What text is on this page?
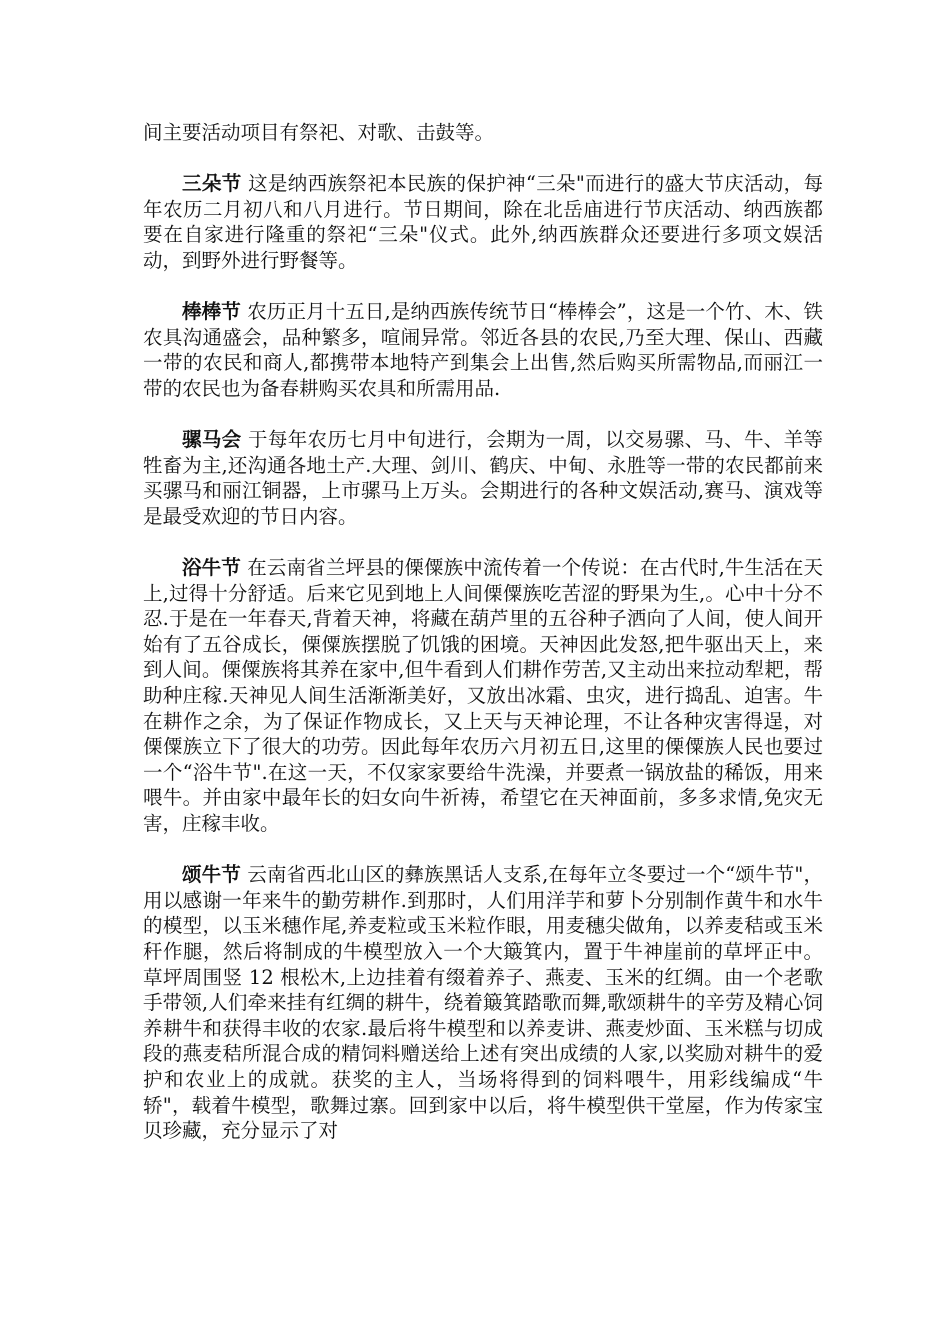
间主要活动项目有祭祀、对歌、击鼓等。

三朵节 这是纳西族祭祀本民族的保护神“三朵"而进行的盛大节庆活动，每年农历二月初八和八月进行。节日期间，除在北岳庙进行节庆活动、纳西族都要在自家进行隆重的祭祀“三朵"仪式。此外,纳西族群众还要进行多项文娱活动，到野外进行野餐等。

棒棒节 农历正月十五日,是纳西族传统节日“棒棒会”，这是一个竹、木、铁农具沟通盛会，品种繁多，喧闹异常。邻近各县的农民,乃至大理、保山、西藏一带的农民和商人,都携带本地特产到集会上出售,然后购买所需物品,而丽江一带的农民也为备春耕购买农具和所需用品.

骡马会 于每年农历七月中旬进行，会期为一周，以交易骡、马、牛、羊等牲畜为主,还沟通各地土产.大理、剑川、鹤庆、中甸、永胜等一带的农民都前来买骡马和丽江铜器，上市骡马上万头。会期进行的各种文娱活动,赛马、演戏等是最受欢迎的节日内容。

浴牛节 在云南省兰坪县的傈僳族中流传着一个传说：在古代时,牛生活在天上,过得十分舒适。后来它见到地上人间傈僳族吃苦涩的野果为生,。心中十分不忍.于是在一年春天,背着天神，将藏在葫芦里的五谷种子洒向了人间，使人间开始有了五谷成长，傈僳族摆脱了饥饿的困境。天神因此发怒,把牛驱出天上，来到人间。傈僳族将其养在家中,但牛看到人们耕作劳苦,又主动出来拉动犁耙，帮助种庄稼.天神见人间生活渐渐美好，又放出冰霜、虫灾，进行捣乱、迫害。牛在耕作之余，为了保证作物成长，又上天与天神论理，不让各种灾害得逞，对傈僳族立下了很大的功劳。因此每年农历六月初五日,这里的傈僳族人民也要过一个“浴牛节".在这一天，不仅家家要给牛洗澡，并要煮一锅放盐的稀饭，用来喂牛。并由家中最年长的妇女向牛祈祷，希望它在天神面前，多多求情,免灾无害，庄稼丰收。

颂牛节 云南省西北山区的彝族黑话人支系,在每年立冬要过一个“颂牛节"，用以感谢一年来牛的勤劳耕作.到那时，人们用洋芋和萝卜分别制作黄牛和水牛的模型，以玉米穗作尾,养麦粒或玉米粒作眼，用麦穗尖做角，以养麦秸或玉米秆作腿，然后将制成的牛模型放入一个大簸箕内，置于牛神崖前的草坪正中。草坪周围竖 12 根松木,上边挂着有缀着养子、燕麦、玉米的红绸。由一个老歌手带领,人们牵来挂有红绸的耕牛，绕着簸箕踏歌而舞,歌颂耕牛的辛劳及精心饲养耕牛和获得丰收的农家.最后将牛模型和以养麦讲、燕麦炒面、玉米糕与切成段的燕麦秸所混合成的精饲料赠送给上述有突出成绩的人家,以奖励对耕牛的爱护和农业上的成就。获奖的主人，当场将得到的饲料喂牛，用彩线编成“牛轿"，载着牛模型，歌舞过寨。回到家中以后，将牛模型供干堂屋，作为传家宝贝珍藏，充分显示了对
